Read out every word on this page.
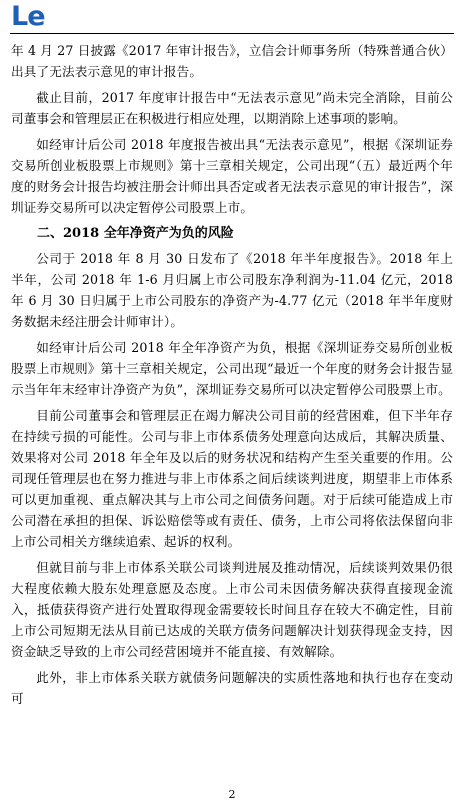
Le

年 4 月 27 日披露《2017 年审计报告》，立信会计师事务所（特殊普通合伙）出具了无法表示意见的审计报告。

截止目前，2017 年度审计报告中“无法表示意见”尚未完全消除，目前公司董事会和管理层正在积极进行相应处理，以期消除上述事项的影响。

如经审计后公司 2018 年度报告被出具“无法表示意见”，根据《深圳证券交易所创业板股票上市规则》第十三章相关规定，公司出现“（五）最近两个年度的财务会计报告均被注册会计师出具否定或者无法表示意见的审计报告”，深圳证券交易所可以决定暂停公司股票上市。

二、2018 全年净资产为负的风险

公司于 2018 年 8 月 30 日发布了《2018 年半年度报告》。2018 年上半年，公司 2018 年 1-6 月归属上市公司股东净利润为-11.04 亿元，2018 年 6 月 30 日归属于上市公司股东的净资产为-4.77 亿元（2018 年半年度财务数据未经注册会计师审计）。

如经审计后公司 2018 年全年净资产为负，根据《深圳证券交易所创业板股票上市规则》第十三章相关规定，公司出现“最近一个年度的财务会计报告显示当年年末经审计净资产为负”，深圳证券交易所可以决定暂停公司股票上市。

目前公司董事会和管理层正在竭力解决公司目前的经营困难，但下半年存在持续亏损的可能性。公司与非上市体系债务处理意向达成后，其解决质量、效果将对公司 2018 年全年及以后的财务状况和结构产生至关重要的作用。公司现任管理层也在努力推进与非上市体系之间后续谈判进度，期望非上市体系可以更加重视、重点解决其与上市公司之间债务问题。对于后续可能造成上市公司潜在承担的担保、诉讼赔偿等或有责任、债务，上市公司将依法保留向非上市公司相关方继续追索、起诉的权利。

但就目前与非上市体系关联公司谈判进展及推动情况，后续谈判效果仍很大程度依赖大股东处理意愿及态度。上市公司未因债务解决获得直接现金流入，抵债获得资产进行处置取得现金需要较长时间且存在较大不确定性，目前上市公司短期无法从目前已达成的关联方债务问题解决计划获得现金支持，因资金缺乏导致的上市公司经营困境并不能直接、有效解除。

此外，非上市体系关联方就债务问题解决的实质性落地和执行也存在变动可

2
